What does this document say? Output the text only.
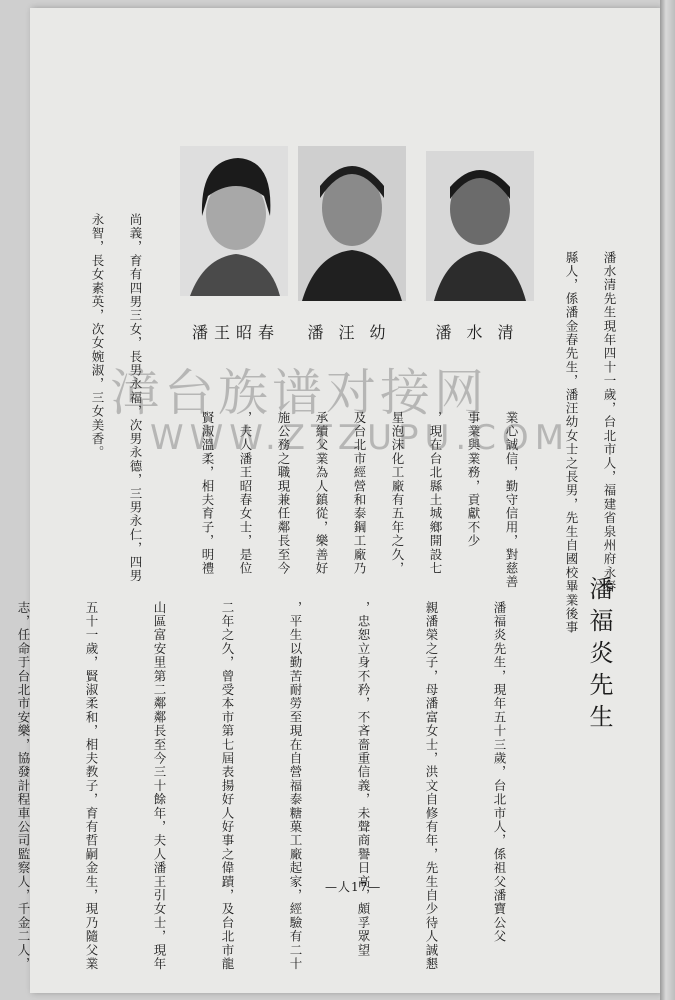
潘水清先生現年四十一歲，台北市人，福建省泉州府永春

縣人，係潘金春先生，潘汪幼女士之長男，先生自國校畢業後事

潘水清
潘汪幼
潘王昭春

業心誠信，勤守信用，對慈善

事業與業務，貢獻不少

，現在台北縣土城鄉開設七

星泡沫化工廠有五年之久，

及台北市經營和泰鋼工廠乃

承續父業為人鎮從，樂善好

施公務之職現兼任鄰長至今

，夫人潘王昭春女士，是位

賢淑溫柔，相夫育子，明禮

尚義，育有四男三女，長男永福，次男永德，三男永仁，四男

永智，長女素英，次女婉淑，三女美香。

潘福炎先生

潘福炎先生，現年五十三歲，台北市人，係祖父潘寶公父

親潘榮之子，母潘富女士，洪文自修有年，先生自少待人誠懇

，忠恕立身不矜，不吝嗇重信義，未聲商譽日高，頗孚眾望

，平生以勤苦耐勞至現在自營福泰糖菓工廠起家，經驗有二十

二年之久，曾受本市第七屆表揚好人好事之偉蹟，及台北市龍

山區富安里第二鄰鄰長至今三十餘年，夫人潘王引女士，現年

五十一歲，賢淑柔和，相夫教子，育有哲嗣金生，現乃隨父業

志，任命于台北市安樂，協發計程車公司監察人，千金二人，

	—人17—
漳台族谱对接网
WWW.ZTZUPU.COM
